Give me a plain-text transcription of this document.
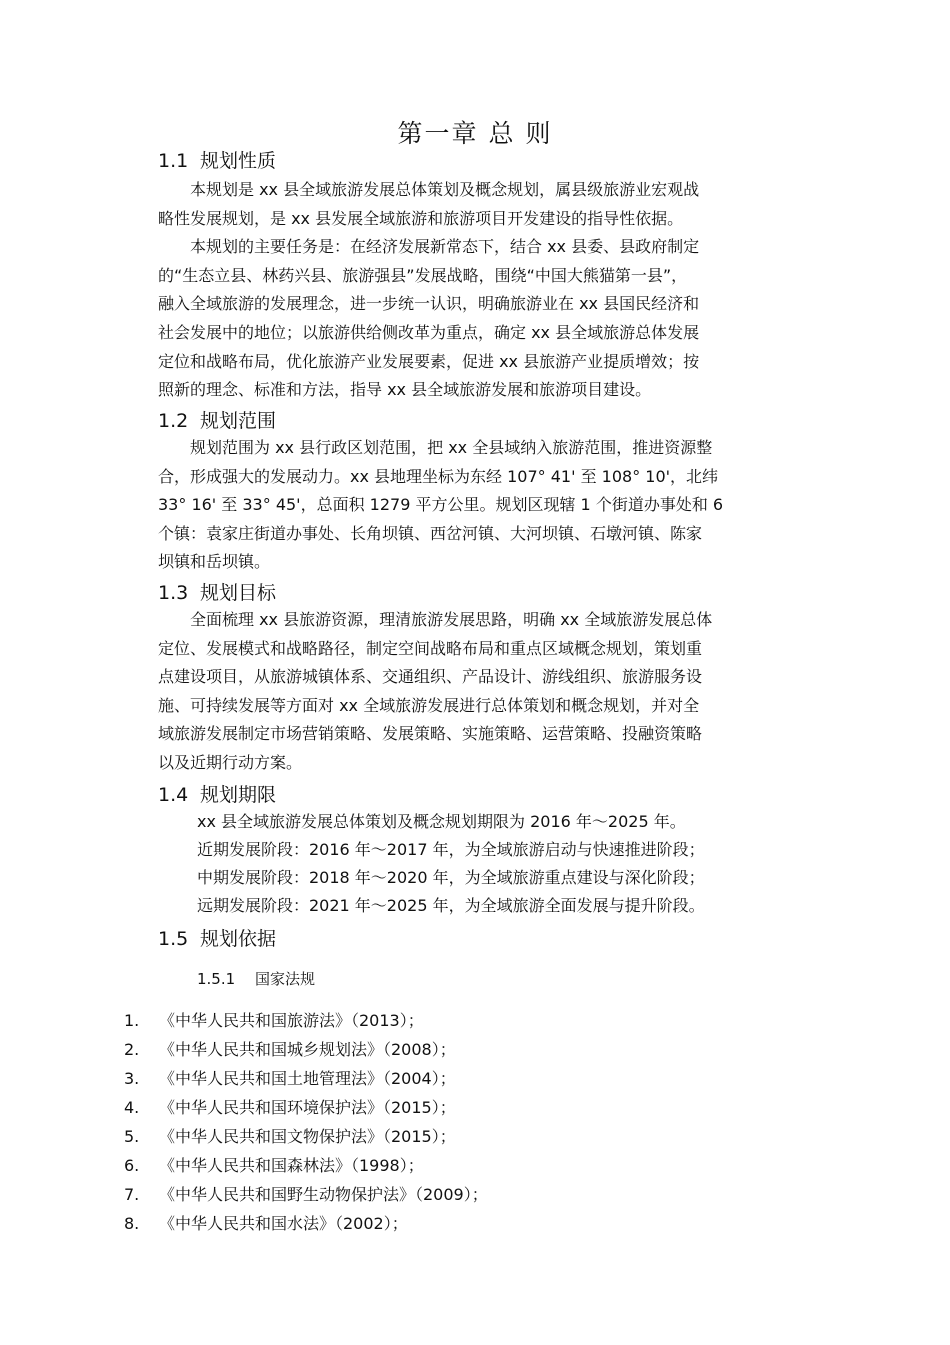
第一章 总 则
1.1 规划性质
　　本规划是 xx 县全域旅游发展总体策划及概念规划，属县级旅游业宏观战
略性发展规划，是 xx 县发展全域旅游和旅游项目开发建设的指导性依据。
　　本规划的主要任务是：在经济发展新常态下，结合 xx 县委、县政府制定
的“生态立县、林药兴县、旅游强县”发展战略，围绕“中国大熊猫第一县”，
融入全域旅游的发展理念，进一步统一认识，明确旅游业在 xx 县国民经济和
社会发展中的地位；以旅游供给侧改革为重点，确定 xx 县全域旅游总体发展
定位和战略布局，优化旅游产业发展要素，促进 xx 县旅游产业提质增效；按
照新的理念、标准和方法，指导 xx 县全域旅游发展和旅游项目建设。
1.2 规划范围
　　规划范围为 xx 县行政区划范围，把 xx 全县域纳入旅游范围，推进资源整
合，形成强大的发展动力。xx 县地理坐标为东经 107° 41' 至 108° 10'，北纬
33° 16' 至 33° 45'，总面积 1279 平方公里。规划区现辖 1 个街道办事处和 6
个镇：袁家庄街道办事处、长角坝镇、西岔河镇、大河坝镇、石墩河镇、陈家
坝镇和岳坝镇。
1.3 规划目标
　　全面梳理 xx 县旅游资源，理清旅游发展思路，明确 xx 全域旅游发展总体
定位、发展模式和战略路径，制定空间战略布局和重点区域概念规划，策划重
点建设项目，从旅游城镇体系、交通组织、产品设计、游线组织、旅游服务设
施、可持续发展等方面对 xx 全域旅游发展进行总体策划和概念规划，并对全
域旅游发展制定市场营销策略、发展策略、实施策略、运营策略、投融资策略
以及近期行动方案。
1.4 规划期限
xx 县全域旅游发展总体策划及概念规划期限为 2016 年～2025 年。
近期发展阶段：2016 年～2017 年，为全域旅游启动与快速推进阶段；
中期发展阶段：2018 年～2020 年，为全域旅游重点建设与深化阶段；
远期发展阶段：2021 年～2025 年，为全域旅游全面发展与提升阶段。
1.5 规划依据
1.5.1 国家法规
1. 《中华人民共和国旅游法》（2013）；
2. 《中华人民共和国城乡规划法》（2008）；
3. 《中华人民共和国土地管理法》（2004）；
4. 《中华人民共和国环境保护法》（2015）；
5. 《中华人民共和国文物保护法》（2015）；
6. 《中华人民共和国森林法》（1998）；
7. 《中华人民共和国野生动物保护法》（2009）；
8. 《中华人民共和国水法》（2002）；
